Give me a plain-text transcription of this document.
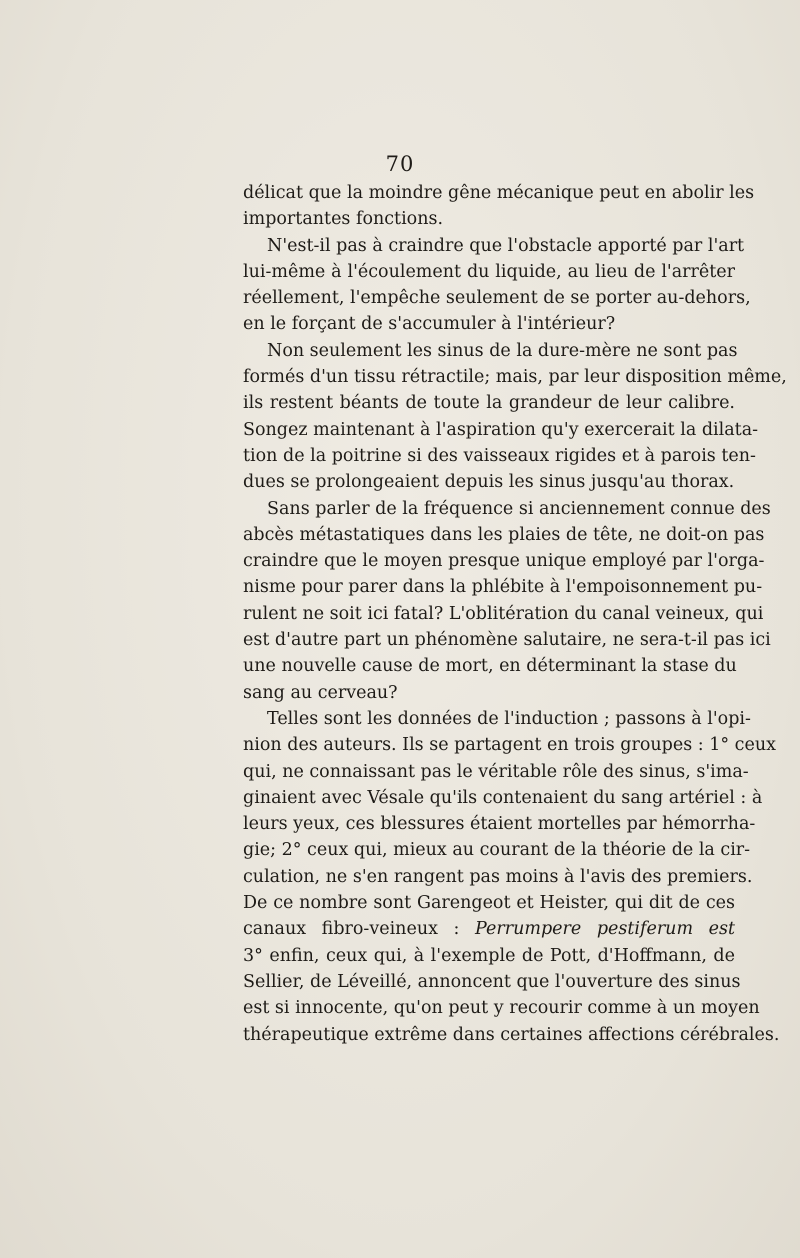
70
délicat que la moindre gêne mécanique peut en abolir les
importantes fonctions.
N'est-il pas à craindre que l'obstacle apporté par l'art
lui-même à l'écoulement du liquide, au lieu de l'arrêter
réellement, l'empêche seulement de se porter au-dehors,
en le forçant de s'accumuler à l'intérieur?
Non seulement les sinus de la dure-mère ne sont pas
formés d'un tissu rétractile; mais, par leur disposition même,
ils restent béants de toute la grandeur de leur calibre.
Songez maintenant à l'aspiration qu'y exercerait la dilata-
tion de la poitrine si des vaisseaux rigides et à parois ten-
dues se prolongeaient depuis les sinus jusqu'au thorax.
Sans parler de la fréquence si anciennement connue des
abcès métastatiques dans les plaies de tête, ne doit-on pas
craindre que le moyen presque unique employé par l'orga-
nisme pour parer dans la phlébite à l'empoisonnement pu-
rulent ne soit ici fatal? L'oblitération du canal veineux, qui
est d'autre part un phénomène salutaire, ne sera-t-il pas ici
une nouvelle cause de mort, en déterminant la stase du
sang au cerveau?
Telles sont les données de l'induction ; passons à l'opi-
nion des auteurs. Ils se partagent en trois groupes : 1° ceux
qui, ne connaissant pas le véritable rôle des sinus, s'ima-
ginaient avec Vésale qu'ils contenaient du sang artériel : à
leurs yeux, ces blessures étaient mortelles par hémorrha-
gie; 2° ceux qui, mieux au courant de la théorie de la cir-
culation, ne s'en rangent pas moins à l'avis des premiers.
De ce nombre sont Garengeot et Heister, qui dit de ces
canaux fibro-veineux : Perrumpere pestiferum est
3° enfin, ceux qui, à l'exemple de Pott, d'Hoffmann, de
Sellier, de Léveillé, annoncent que l'ouverture des sinus
est si innocente, qu'on peut y recourir comme à un moyen
thérapeutique extrême dans certaines affections cérébrales.
